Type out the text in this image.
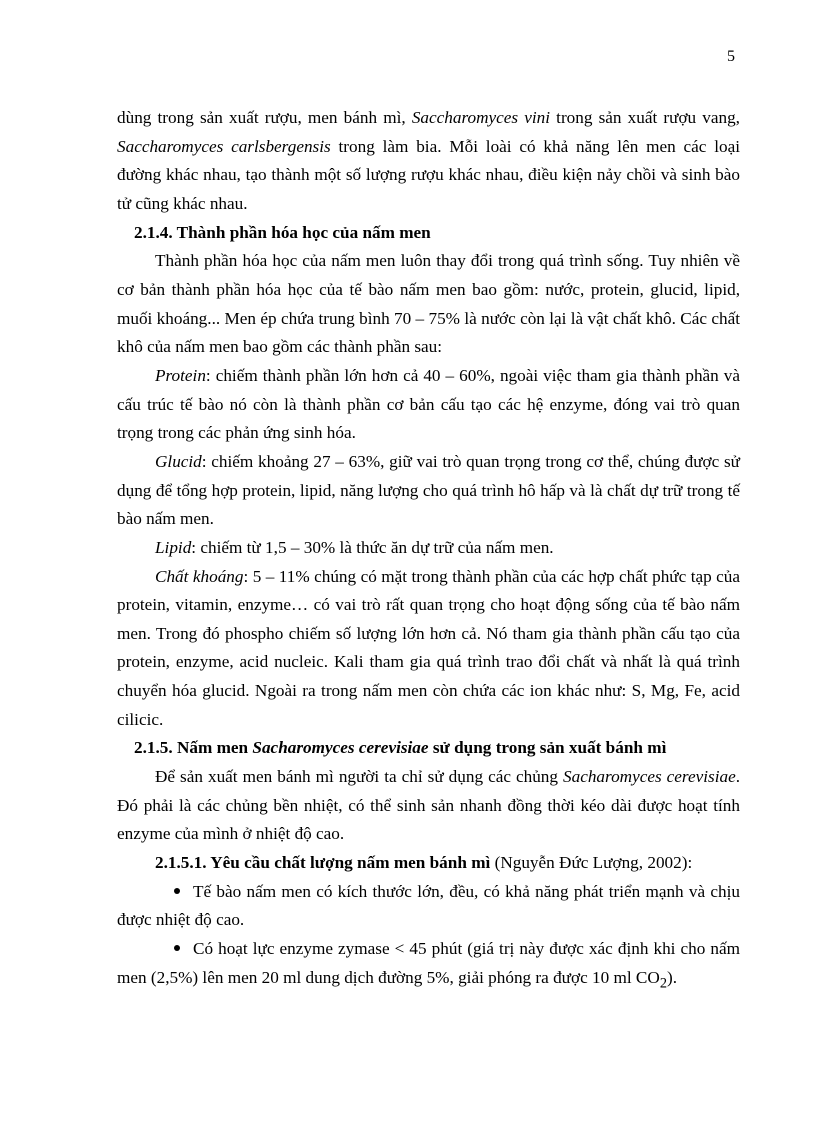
5

dùng trong sản xuất rượu, men bánh mì, Saccharomyces vini trong sản xuất rượu vang, Saccharomyces carlsbergensis trong làm bia. Mỗi loài có khả năng lên men các loại đường khác nhau, tạo thành một số lượng rượu khác nhau, điều kiện nảy chồi và sinh bào tử cũng khác nhau.

2.1.4. Thành phần hóa học của nấm men

Thành phần hóa học của nấm men luôn thay đổi trong quá trình sống. Tuy nhiên về cơ bản thành phần hóa học của tế bào nấm men bao gồm: nước, protein, glucid, lipid, muối khoáng... Men ép chứa trung bình 70 – 75% là nước còn lại là vật chất khô. Các chất khô của nấm men bao gồm các thành phần sau:

Protein: chiếm thành phần lớn hơn cả 40 – 60%, ngoài việc tham gia thành phần và cấu trúc tế bào nó còn là thành phần cơ bản cấu tạo các hệ enzyme, đóng vai trò quan trọng trong các phản ứng sinh hóa.

Glucid: chiếm khoảng 27 – 63%, giữ vai trò quan trọng trong cơ thể, chúng được sử dụng để tổng hợp protein, lipid, năng lượng cho quá trình hô hấp và là chất dự trữ trong tế bào nấm men.

Lipid: chiếm từ 1,5 – 30% là thức ăn dự trữ của nấm men.

Chất khoáng: 5 – 11% chúng có mặt trong thành phần của các hợp chất phức tạp của protein, vitamin, enzyme… có vai trò rất quan trọng cho hoạt động sống của tế bào nấm men. Trong đó phospho chiếm số lượng lớn hơn cả. Nó tham gia thành phần cấu tạo của protein, enzyme, acid nucleic. Kali tham gia quá trình trao đổi chất và nhất là quá trình chuyển hóa glucid. Ngoài ra trong nấm men còn chứa các ion khác như: S, Mg, Fe, acid cilicic.

2.1.5. Nấm men Sacharomyces cerevisiae sử dụng trong sản xuất bánh mì

Để sản xuất men bánh mì người ta chỉ sử dụng các chủng Sacharomyces cerevisiae. Đó phải là các chủng bền nhiệt, có thể sinh sản nhanh đồng thời kéo dài được hoạt tính enzyme của mình ở nhiệt độ cao.

2.1.5.1. Yêu cầu chất lượng nấm men bánh mì (Nguyễn Đức Lượng, 2002):

Tế bào nấm men có kích thước lớn, đều, có khả năng phát triển mạnh và chịu được nhiệt độ cao.

Có hoạt lực enzyme zymase < 45 phút (giá trị này được xác định khi cho nấm men (2,5%) lên men 20 ml dung dịch đường 5%, giải phóng ra được 10 ml $CO_2$).
